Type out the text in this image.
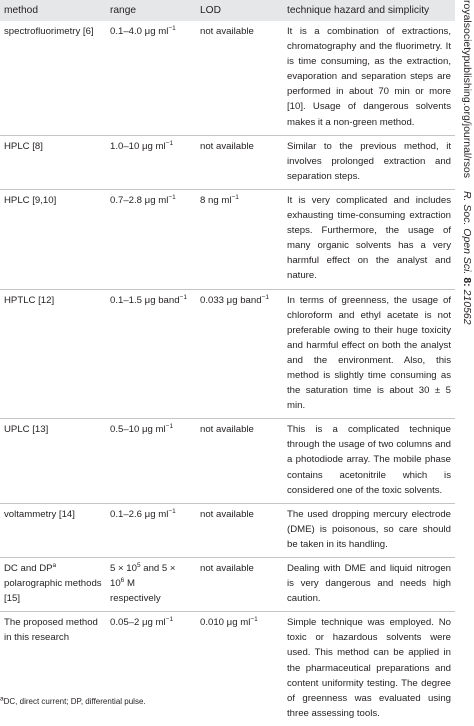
method	range	LOD	technique hazard and simplicity
spectrofluorimetry [6]	0.1–4.0 μg $ml^{-1}$	not available	It is a combination of extractions, chromatography and the fluorimetry. It is time consuming, as the extraction, evaporation and separation steps are performed in about 70 min or more [10]. Usage of dangerous solvents makes it a non-green method.
HPLC [8]	1.0–10 μg $ml^{-1}$	not available	Similar to the previous method, it involves prolonged extraction and separation steps.
HPLC [9,10]	0.7–2.8 μg $ml^{-1}$	8 ng $ml^{-1}$	It is very complicated and includes exhausting time-consuming extraction steps. Furthermore, the usage of many organic solvents has a very harmful effect on the analyst and nature.
HPTLC [12]	0.1–1.5 μg band$^{-1}$	0.033 μg band$^{-1}$	In terms of greenness, the usage of chloroform and ethyl acetate is not preferable owing to their huge toxicity and harmful effect on both the analyst and the environment. Also, this method is slightly time consuming as the saturation time is about 30 ± 5 min.
UPLC [13]	0.5–10 μg $ml^{-1}$	not available	This is a complicated technique through the usage of two columns and a photodiode array. The mobile phase contains acetonitrile which is considered one of the toxic solvents.
voltammetry [14]	0.1–2.6 μg $ml^{-1}$	not available	The used dropping mercury electrode (DME) is poisonous, so care should be taken in its handling.
DC and $DP^a$ polarographic methods [15]	$5 \times 10^5$ and 5 ×
$10^6$ M
respectively	not available	Dealing with DME and liquid nitrogen is very dangerous and needs high caution.
The proposed method in this research	0.05–2 μg $ml^{-1}$	0.010 μg $ml^{-1}$	Simple technique was employed. No toxic or hazardous solvents were used. This method can be applied in the pharmaceutical preparations and content uniformity testing. The degree of greenness was evaluated using three assessing tools.
$^a$DC, direct current; DP, differential pulse.
royalsocietypublishing.org/journal/rsos R. Soc. Open Sci. 8: 210562
